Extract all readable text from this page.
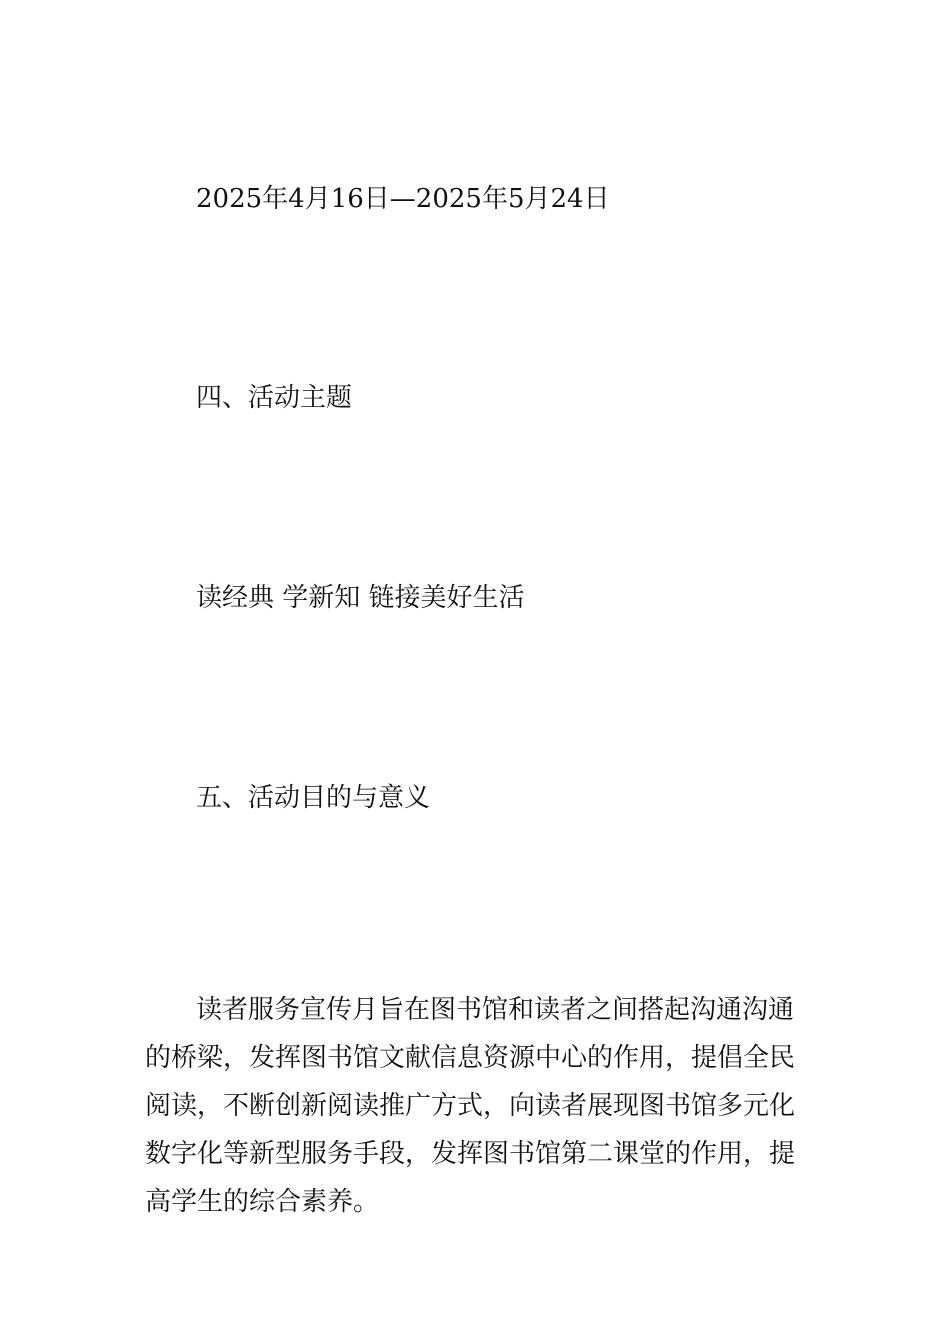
2025年4月16日—2025年5月24日
四、活动主题
读经典 学新知 链接美好生活
五、活动目的与意义
读者服务宣传月旨在图书馆和读者之间搭起沟通沟通
的桥梁，发挥图书馆文献信息资源中心的作用，提倡全民
阅读，不断创新阅读推广方式，向读者展现图书馆多元化
数字化等新型服务手段，发挥图书馆第二课堂的作用，提
高学生的综合素养。
